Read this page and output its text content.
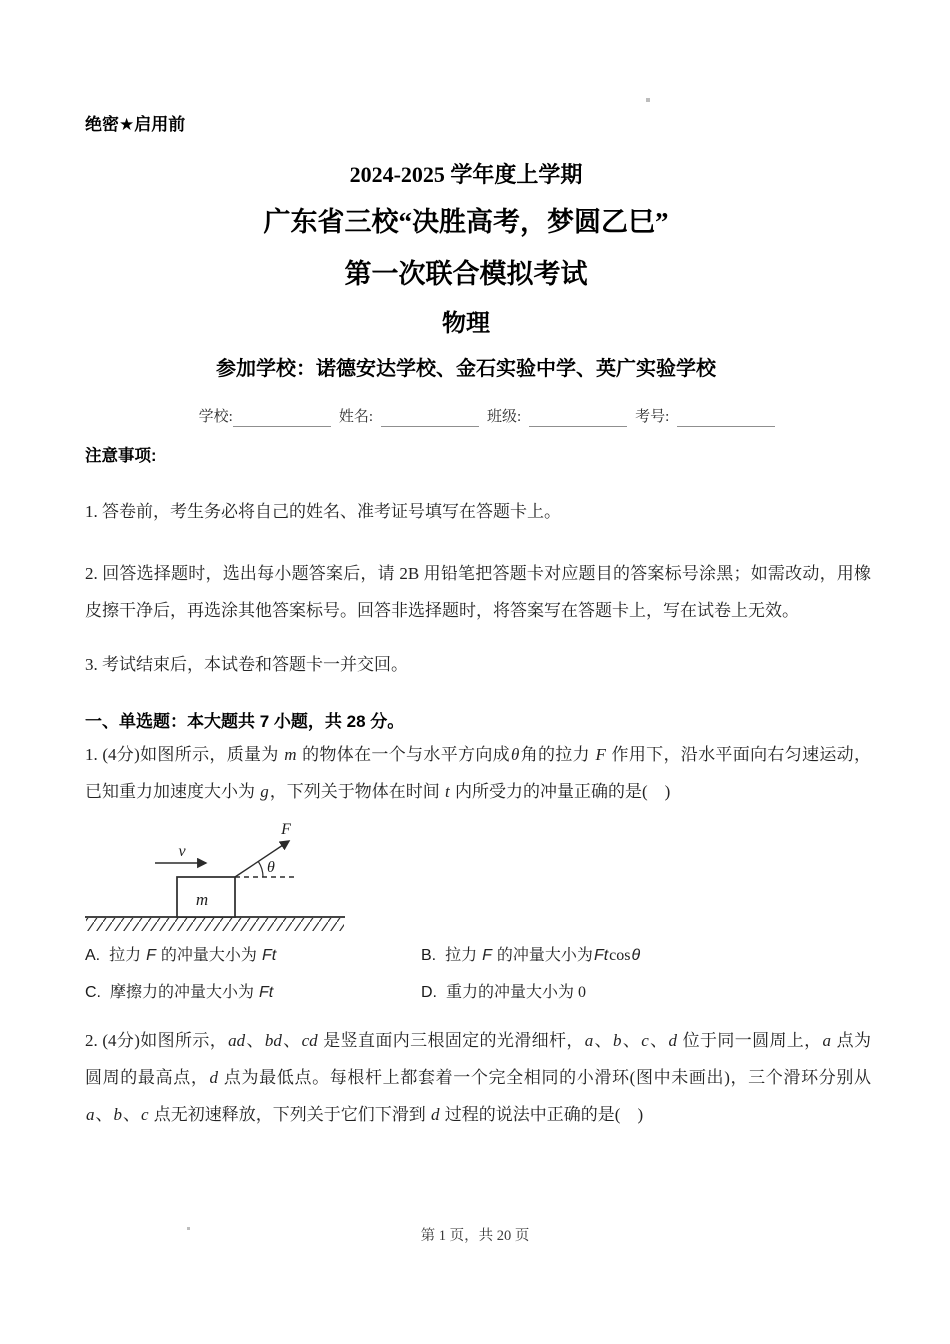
绝密★启用前
2024-2025 学年度上学期
广东省三校“决胜高考，梦圆乙巳”
第一次联合模拟考试
物理
参加学校：诺德安达学校、金石实验中学、英广实验学校
学校:	姓名:	班级:	考号:
注意事项:
1. 答卷前，考生务必将自己的姓名、准考证号填写在答题卡上。
2. 回答选择题时，选出每小题答案后，请 2B 用铅笔把答题卡对应题目的答案标号涂黑；如需改动，用橡皮擦干净后，再选涂其他答案标号。回答非选择题时，将答案写在答题卡上，写在试卷上无效。
3. 考试结束后，本试卷和答题卡一并交回。
一、单选题：本大题共 7 小题，共 28 分。
1. (4分)如图所示，质量为 m 的物体在一个与水平方向成θ角的拉力 F 作用下，沿水平面向右匀速运动，已知重力加速度大小为 g，下列关于物体在时间 t 内所受力的冲量正确的是(　)
m
v
F
θ
A. 拉力 F 的冲量大小为 Ft	B. 拉力 F 的冲量大小为Ftcosθ
C. 摩擦力的冲量大小为 Ft	D. 重力的冲量大小为 0
2. (4分)如图所示，ad、bd、cd 是竖直面内三根固定的光滑细杆，a、b、c、d 位于同一圆周上，a 点为圆周的最高点，d 点为最低点。每根杆上都套着一个完全相同的小滑环(图中未画出)，三个滑环分别从 a、b、c 点无初速释放，下列关于它们下滑到 d 过程的说法中正确的是(　)
第 1 页，共 20 页
